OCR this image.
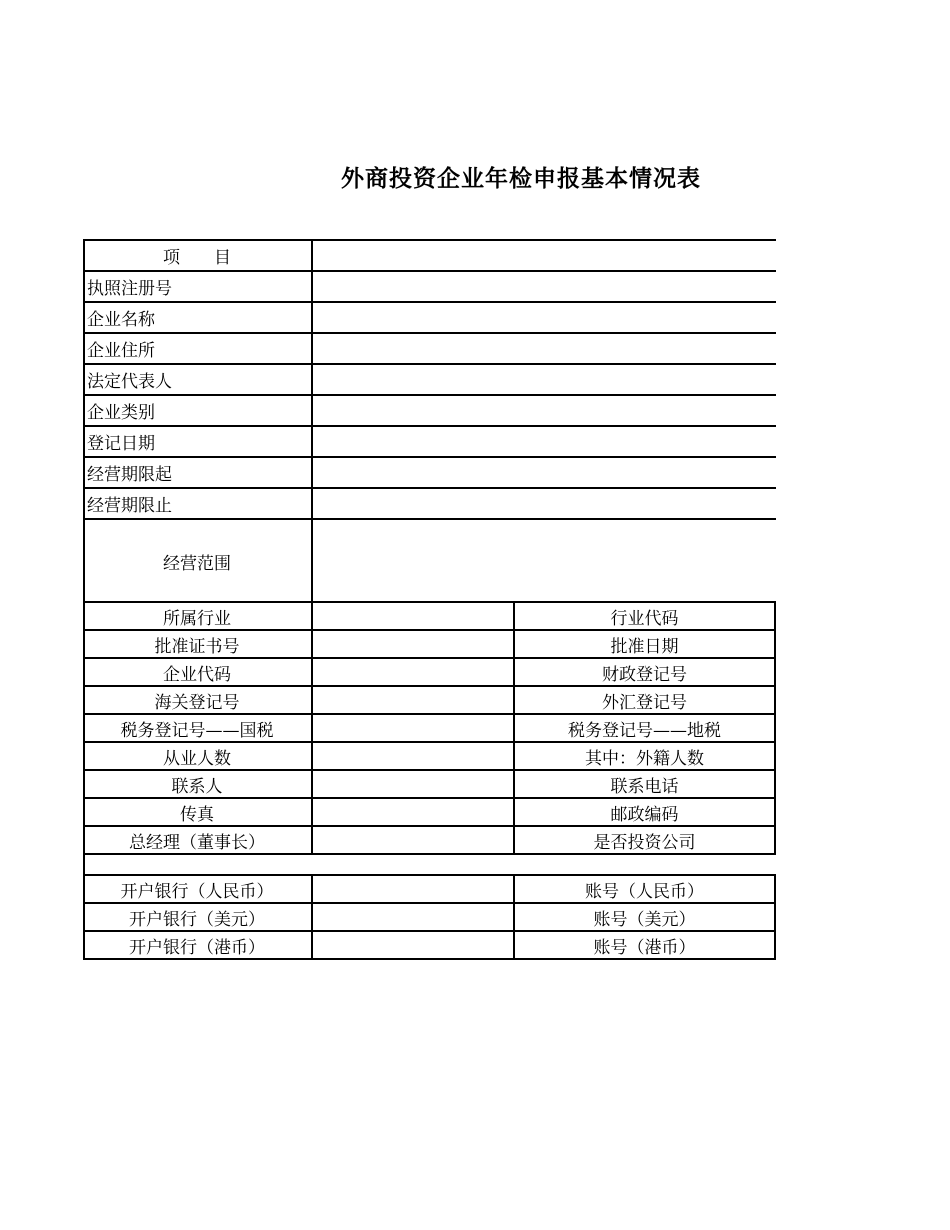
外商投资企业年检申报基本情况表
项　　目
执照注册号
企业名称
企业住所
法定代表人
企业类别
登记日期
经营期限起
经营期限止
经营范围
所属行业	行业代码
批准证书号	批准日期
企业代码	财政登记号
海关登记号	外汇登记号
税务登记号——国税	税务登记号——地税
从业人数	其中：外籍人数
联系人	联系电话
传真	邮政编码
总经理（董事长）	是否投资公司
开户银行（人民币）	账号（人民币）
开户银行（美元）	账号（美元）
开户银行（港币）	账号（港币）
